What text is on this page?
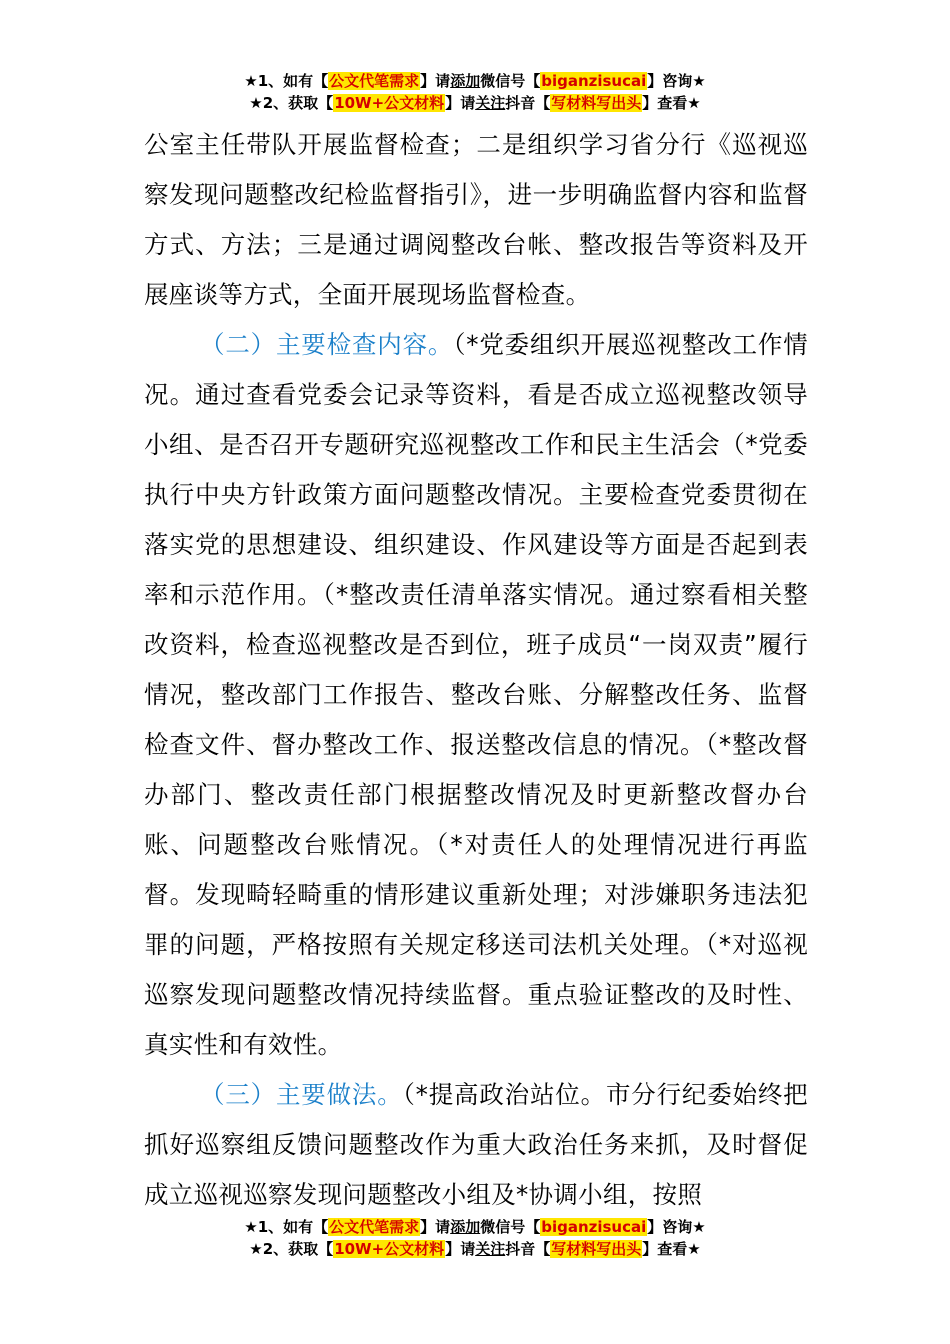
★1、如有【公文代笔需求】请添加微信号【biganzisucai】咨询★
★2、获取【10W+公文材料】请关注抖音【写材料写出头】查看★

公室主任带队开展监督检查；二是组织学习省分行《巡视巡察发现问题整改纪检监督指引》，进一步明确监督内容和监督方式、方法；三是通过调阅整改台帐、整改报告等资料及开展座谈等方式，全面开展现场监督检查。

（二）主要检查内容。（*党委组织开展巡视整改工作情况。通过查看党委会记录等资料，看是否成立巡视整改领导小组、是否召开专题研究巡视整改工作和民主生活会（*党委执行中央方针政策方面问题整改情况。主要检查党委贯彻在落实党的思想建设、组织建设、作风建设等方面是否起到表率和示范作用。（*整改责任清单落实情况。通过察看相关整改资料，检查巡视整改是否到位，班子成员“一岗双责”履行情况，整改部门工作报告、整改台账、分解整改任务、监督检查文件、督办整改工作、报送整改信息的情况。（*整改督办部门、整改责任部门根据整改情况及时更新整改督办台账、问题整改台账情况。（*对责任人的处理情况进行再监督。发现畸轻畸重的情形建议重新处理；对涉嫌职务违法犯罪的问题，严格按照有关规定移送司法机关处理。（*对巡视巡察发现问题整改情况持续监督。重点验证整改的及时性、真实性和有效性。

（三）主要做法。（*提高政治站位。市分行纪委始终把抓好巡察组反馈问题整改作为重大政治任务来抓，及时督促成立巡视巡察发现问题整改小组及*协调小组，按照

★1、如有【公文代笔需求】请添加微信号【biganzisucai】咨询★
★2、获取【10W+公文材料】请关注抖音【写材料写出头】查看★
